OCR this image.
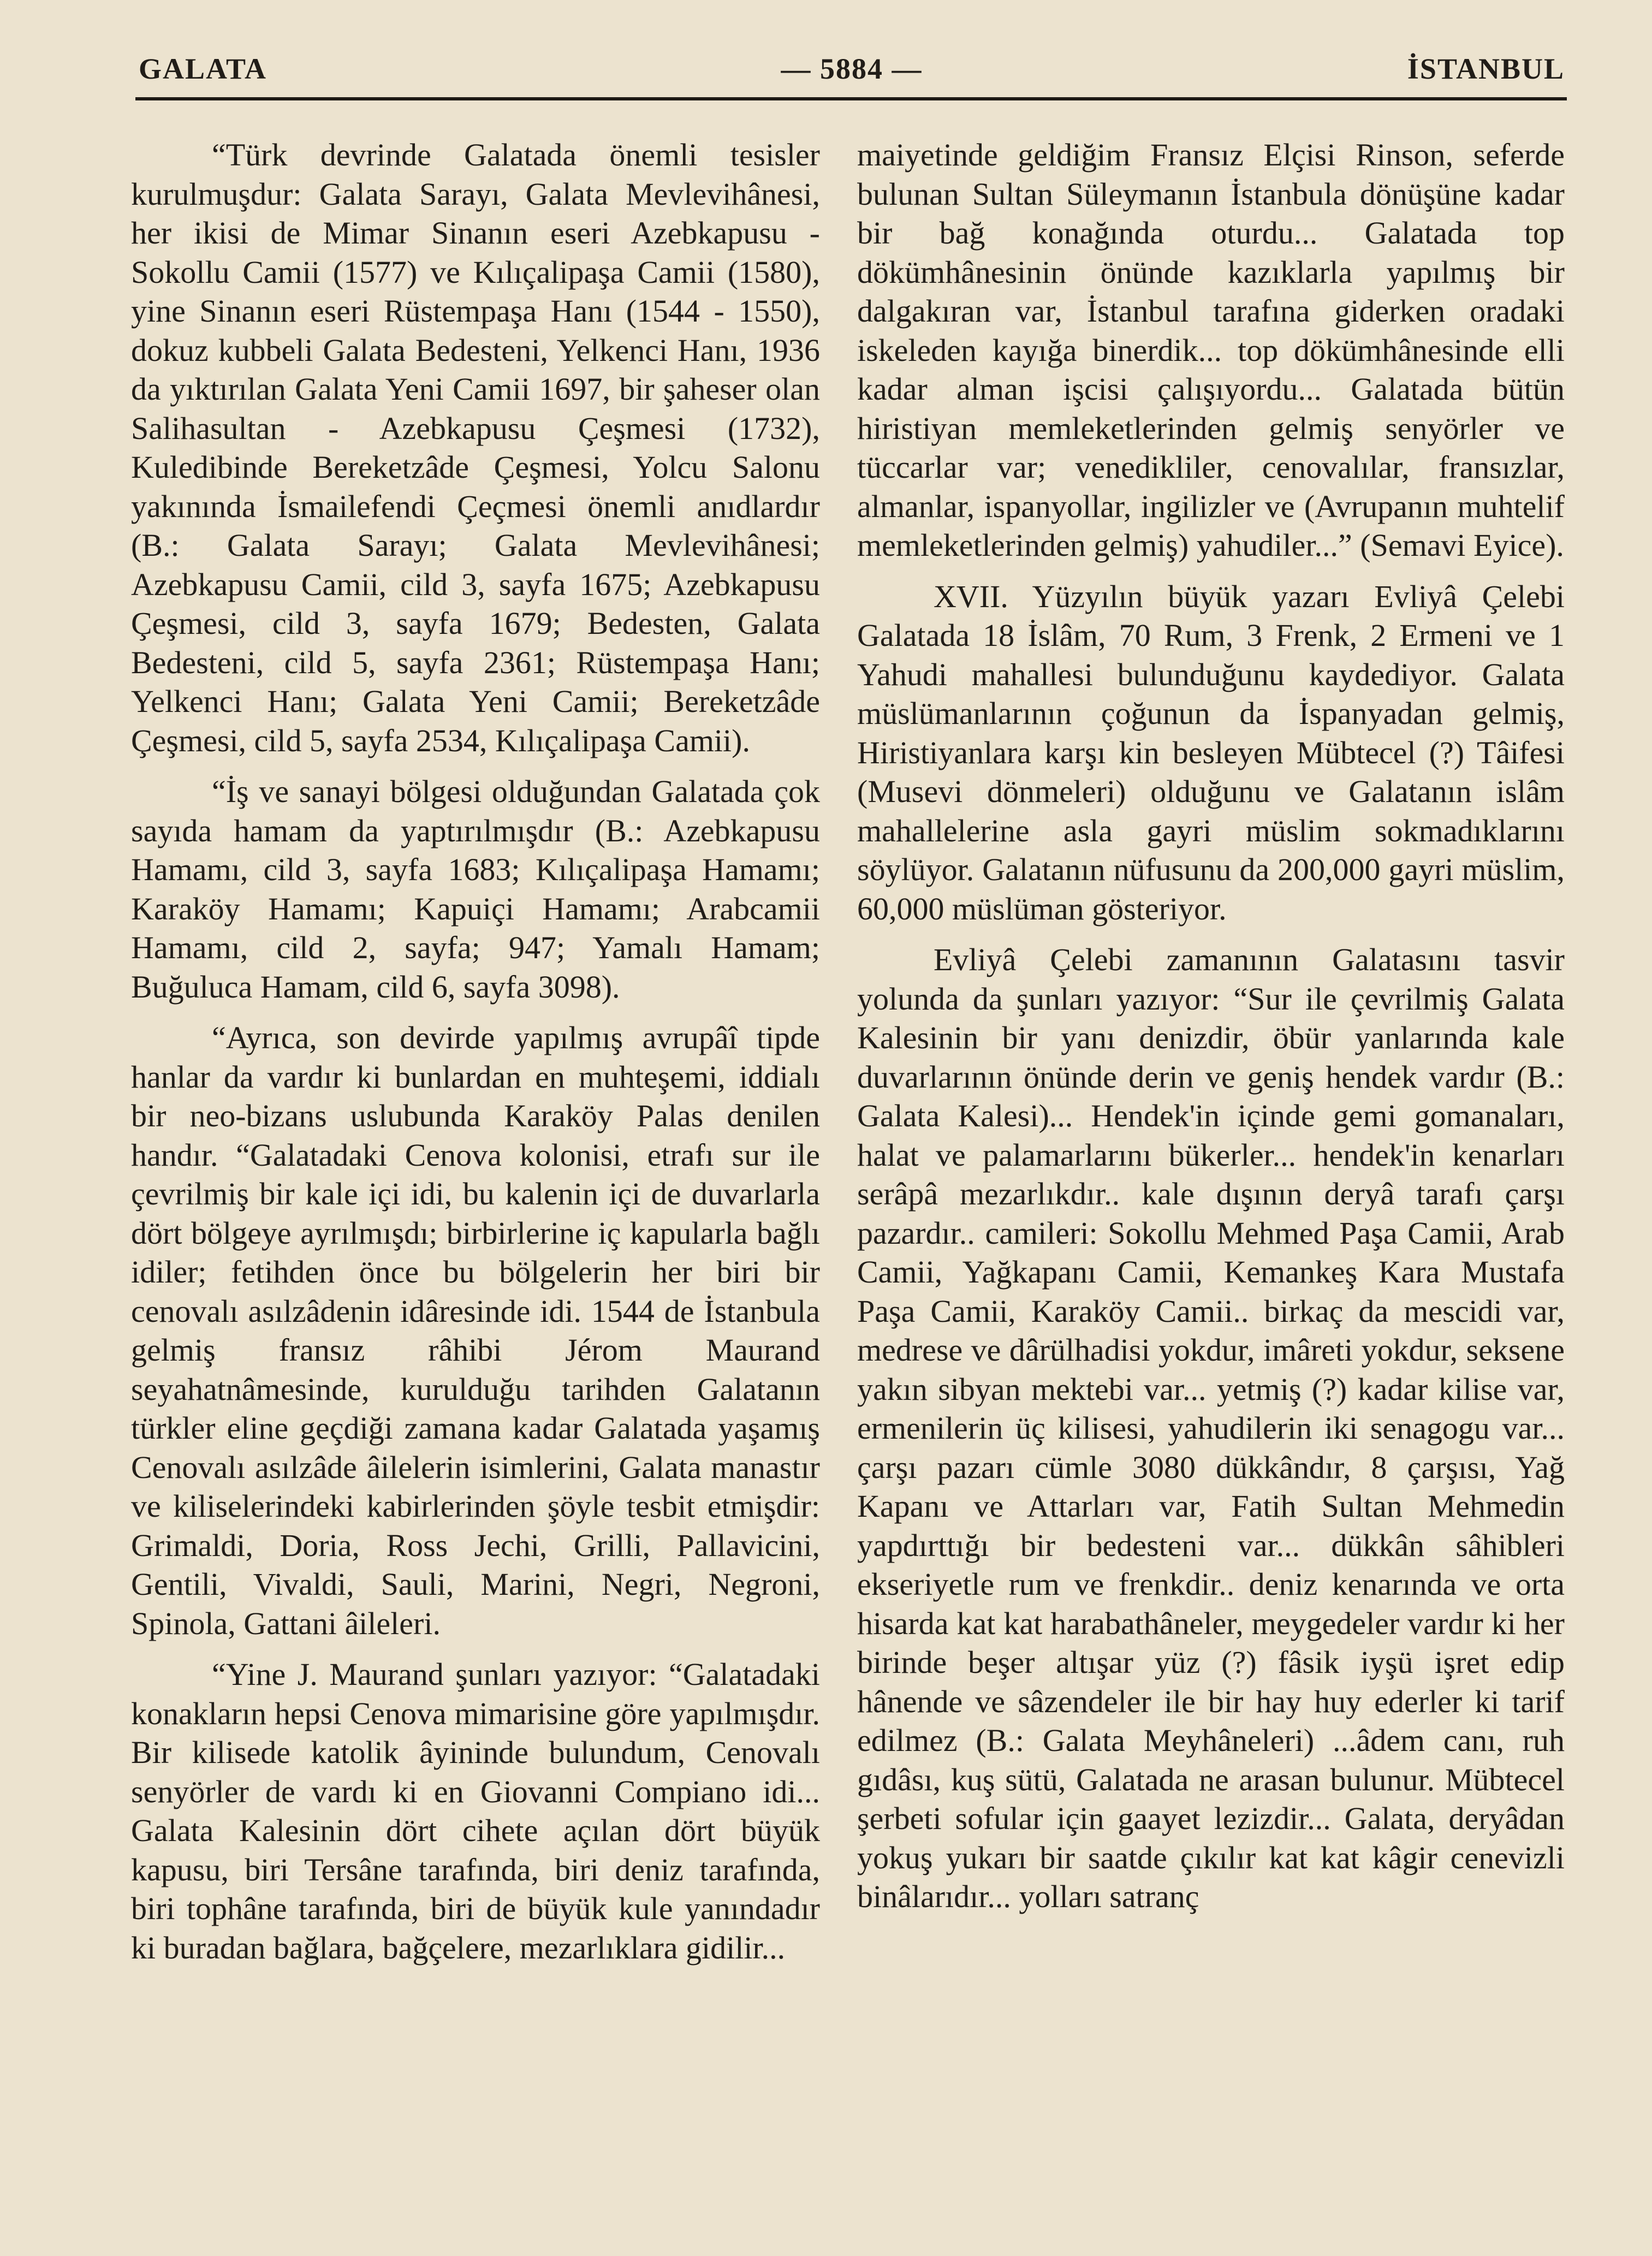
GALATA	— 5884 —	İSTANBUL

“Türk devrinde Galatada önemli tesisler kurulmuşdur: Galata Sarayı, Galata Mevlevihânesi, her ikisi de Mimar Sinanın eseri Azebkapusu - Sokollu Camii (1577) ve Kılıçalipaşa Camii (1580), yine Sinanın eseri Rüstempaşa Hanı (1544 - 1550), dokuz kubbeli Galata Bedesteni, Yelkenci Hanı, 1936 da yıktırılan Galata Yeni Camii 1697, bir şaheser olan Salihasultan - Azebkapusu Çeşmesi (1732), Kuledibinde Bereketzâde Çeşmesi, Yolcu Salonu yakınında İsmailefendi Çeçmesi önemli anıdlardır (B.: Galata Sarayı; Galata Mevlevihânesi; Azebkapusu Camii, cild 3, sayfa 1675; Azebkapusu Çeşmesi, cild 3, sayfa 1679; Bedesten, Galata Bedesteni, cild 5, sayfa 2361; Rüstempaşa Hanı; Yelkenci Hanı; Galata Yeni Camii; Bereketzâde Çeşmesi, cild 5, sayfa 2534, Kılıçalipaşa Camii).

“İş ve sanayi bölgesi olduğundan Galatada çok sayıda hamam da yaptırılmışdır (B.: Azebkapusu Hamamı, cild 3, sayfa 1683; Kılıçalipaşa Hamamı; Karaköy Hamamı; Kapuiçi Hamamı; Arabcamii Hamamı, cild 2, sayfa; 947; Yamalı Hamam; Buğuluca Hamam, cild 6, sayfa 3098).

“Ayrıca, son devirde yapılmış avrupâî tipde hanlar da vardır ki bunlardan en muhteşemi, iddialı bir neo-bizans uslubunda Karaköy Palas denilen handır. “Galatadaki Cenova kolonisi, etrafı sur ile çevrilmiş bir kale içi idi, bu kalenin içi de duvarlarla dört bölgeye ayrılmışdı; birbirlerine iç kapularla bağlı idiler; fetihden önce bu bölgelerin her biri bir cenovalı asılzâdenin idâresinde idi. 1544 de İstanbula gelmiş fransız râhibi Jérom Maurand seyahatnâmesinde, kurulduğu tarihden Galatanın türkler eline geçdiği zamana kadar Galatada yaşamış Cenovalı asılzâde âilelerin isimlerini, Galata manastır ve kiliselerindeki kabirlerinden şöyle tesbit etmişdir: Grimaldi, Doria, Ross Jechi, Grilli, Pallavicini, Gentili, Vivaldi, Sauli, Marini, Negri, Negroni, Spinola, Gattani âileleri.

“Yine J. Maurand şunları yazıyor: “Galatadaki konakların hepsi Cenova mimarisine göre yapılmışdır. Bir kilisede katolik âyininde bulundum, Cenovalı senyörler de vardı ki en Giovanni Compiano idi... Galata Kalesinin dört cihete açılan dört büyük kapusu, biri Tersâne tarafında, biri deniz tarafında, biri tophâne tarafında, biri de büyük kule yanındadır ki buradan bağlara, bağçelere, mezarlıklara gidilir...

maiyetinde geldiğim Fransız Elçisi Rinson, seferde bulunan Sultan Süleymanın İstanbula dönüşüne kadar bir bağ konağında oturdu... Galatada top dökümhânesinin önünde kazıklarla yapılmış bir dalgakıran var, İstanbul tarafına giderken oradaki iskeleden kayığa binerdik... top dökümhânesinde elli kadar alman işcisi çalışıyordu... Galatada bütün hiristiyan memleketlerinden gelmiş senyörler ve tüccarlar var; venedikliler, cenovalılar, fransızlar, almanlar, ispanyollar, ingilizler ve (Avrupanın muhtelif memleketlerinden gelmiş) yahudiler...” (Semavi Eyice).

XVII. Yüzyılın büyük yazarı Evliyâ Çelebi Galatada 18 İslâm, 70 Rum, 3 Frenk, 2 Ermeni ve 1 Yahudi mahallesi bulunduğunu kaydediyor. Galata müslümanlarının çoğunun da İspanyadan gelmiş, Hiristiyanlara karşı kin besleyen Mübtecel (?) Tâifesi (Musevi dönmeleri) olduğunu ve Galatanın islâm mahallelerine asla gayri müslim sokmadıklarını söylüyor. Galatanın nüfusunu da 200,000 gayri müslim, 60,000 müslüman gösteriyor.

Evliyâ Çelebi zamanının Galatasını tasvir yolunda da şunları yazıyor: “Sur ile çevrilmiş Galata Kalesinin bir yanı denizdir, öbür yanlarında kale duvarlarının önünde derin ve geniş hendek vardır (B.: Galata Kalesi)... Hendek'in içinde gemi gomanaları, halat ve palamarlarını bükerler... hendek'in kenarları serâpâ mezarlıkdır.. kale dışının deryâ tarafı çarşı pazardır.. camileri: Sokollu Mehmed Paşa Camii, Arab Camii, Yağkapanı Camii, Kemankeş Kara Mustafa Paşa Camii, Karaköy Camii.. birkaç da mescidi var, medrese ve dârülhadisi yokdur, imâreti yokdur, seksene yakın sibyan mektebi var... yetmiş (?) kadar kilise var, ermenilerin üç kilisesi, yahudilerin iki senagogu var... çarşı pazarı cümle 3080 dükkândır, 8 çarşısı, Yağ Kapanı ve Attarları var, Fatih Sultan Mehmedin yapdırttığı bir bedesteni var... dükkân sâhibleri ekseriyetle rum ve frenkdir.. deniz kenarında ve orta hisarda kat kat harabathâneler, meygedeler vardır ki her birinde beşer altışar yüz (?) fâsik iyşü işret edip hânende ve sâzendeler ile bir hay huy ederler ki tarif edilmez (B.: Galata Meyhâneleri) ...âdem canı, ruh gıdâsı, kuş sütü, Galatada ne arasan bulunur. Mübtecel şerbeti sofular için gaayet lezizdir... Galata, deryâdan yokuş yukarı bir saatde çıkılır kat kat kâgir cenevizli binâlarıdır... yolları satranç
